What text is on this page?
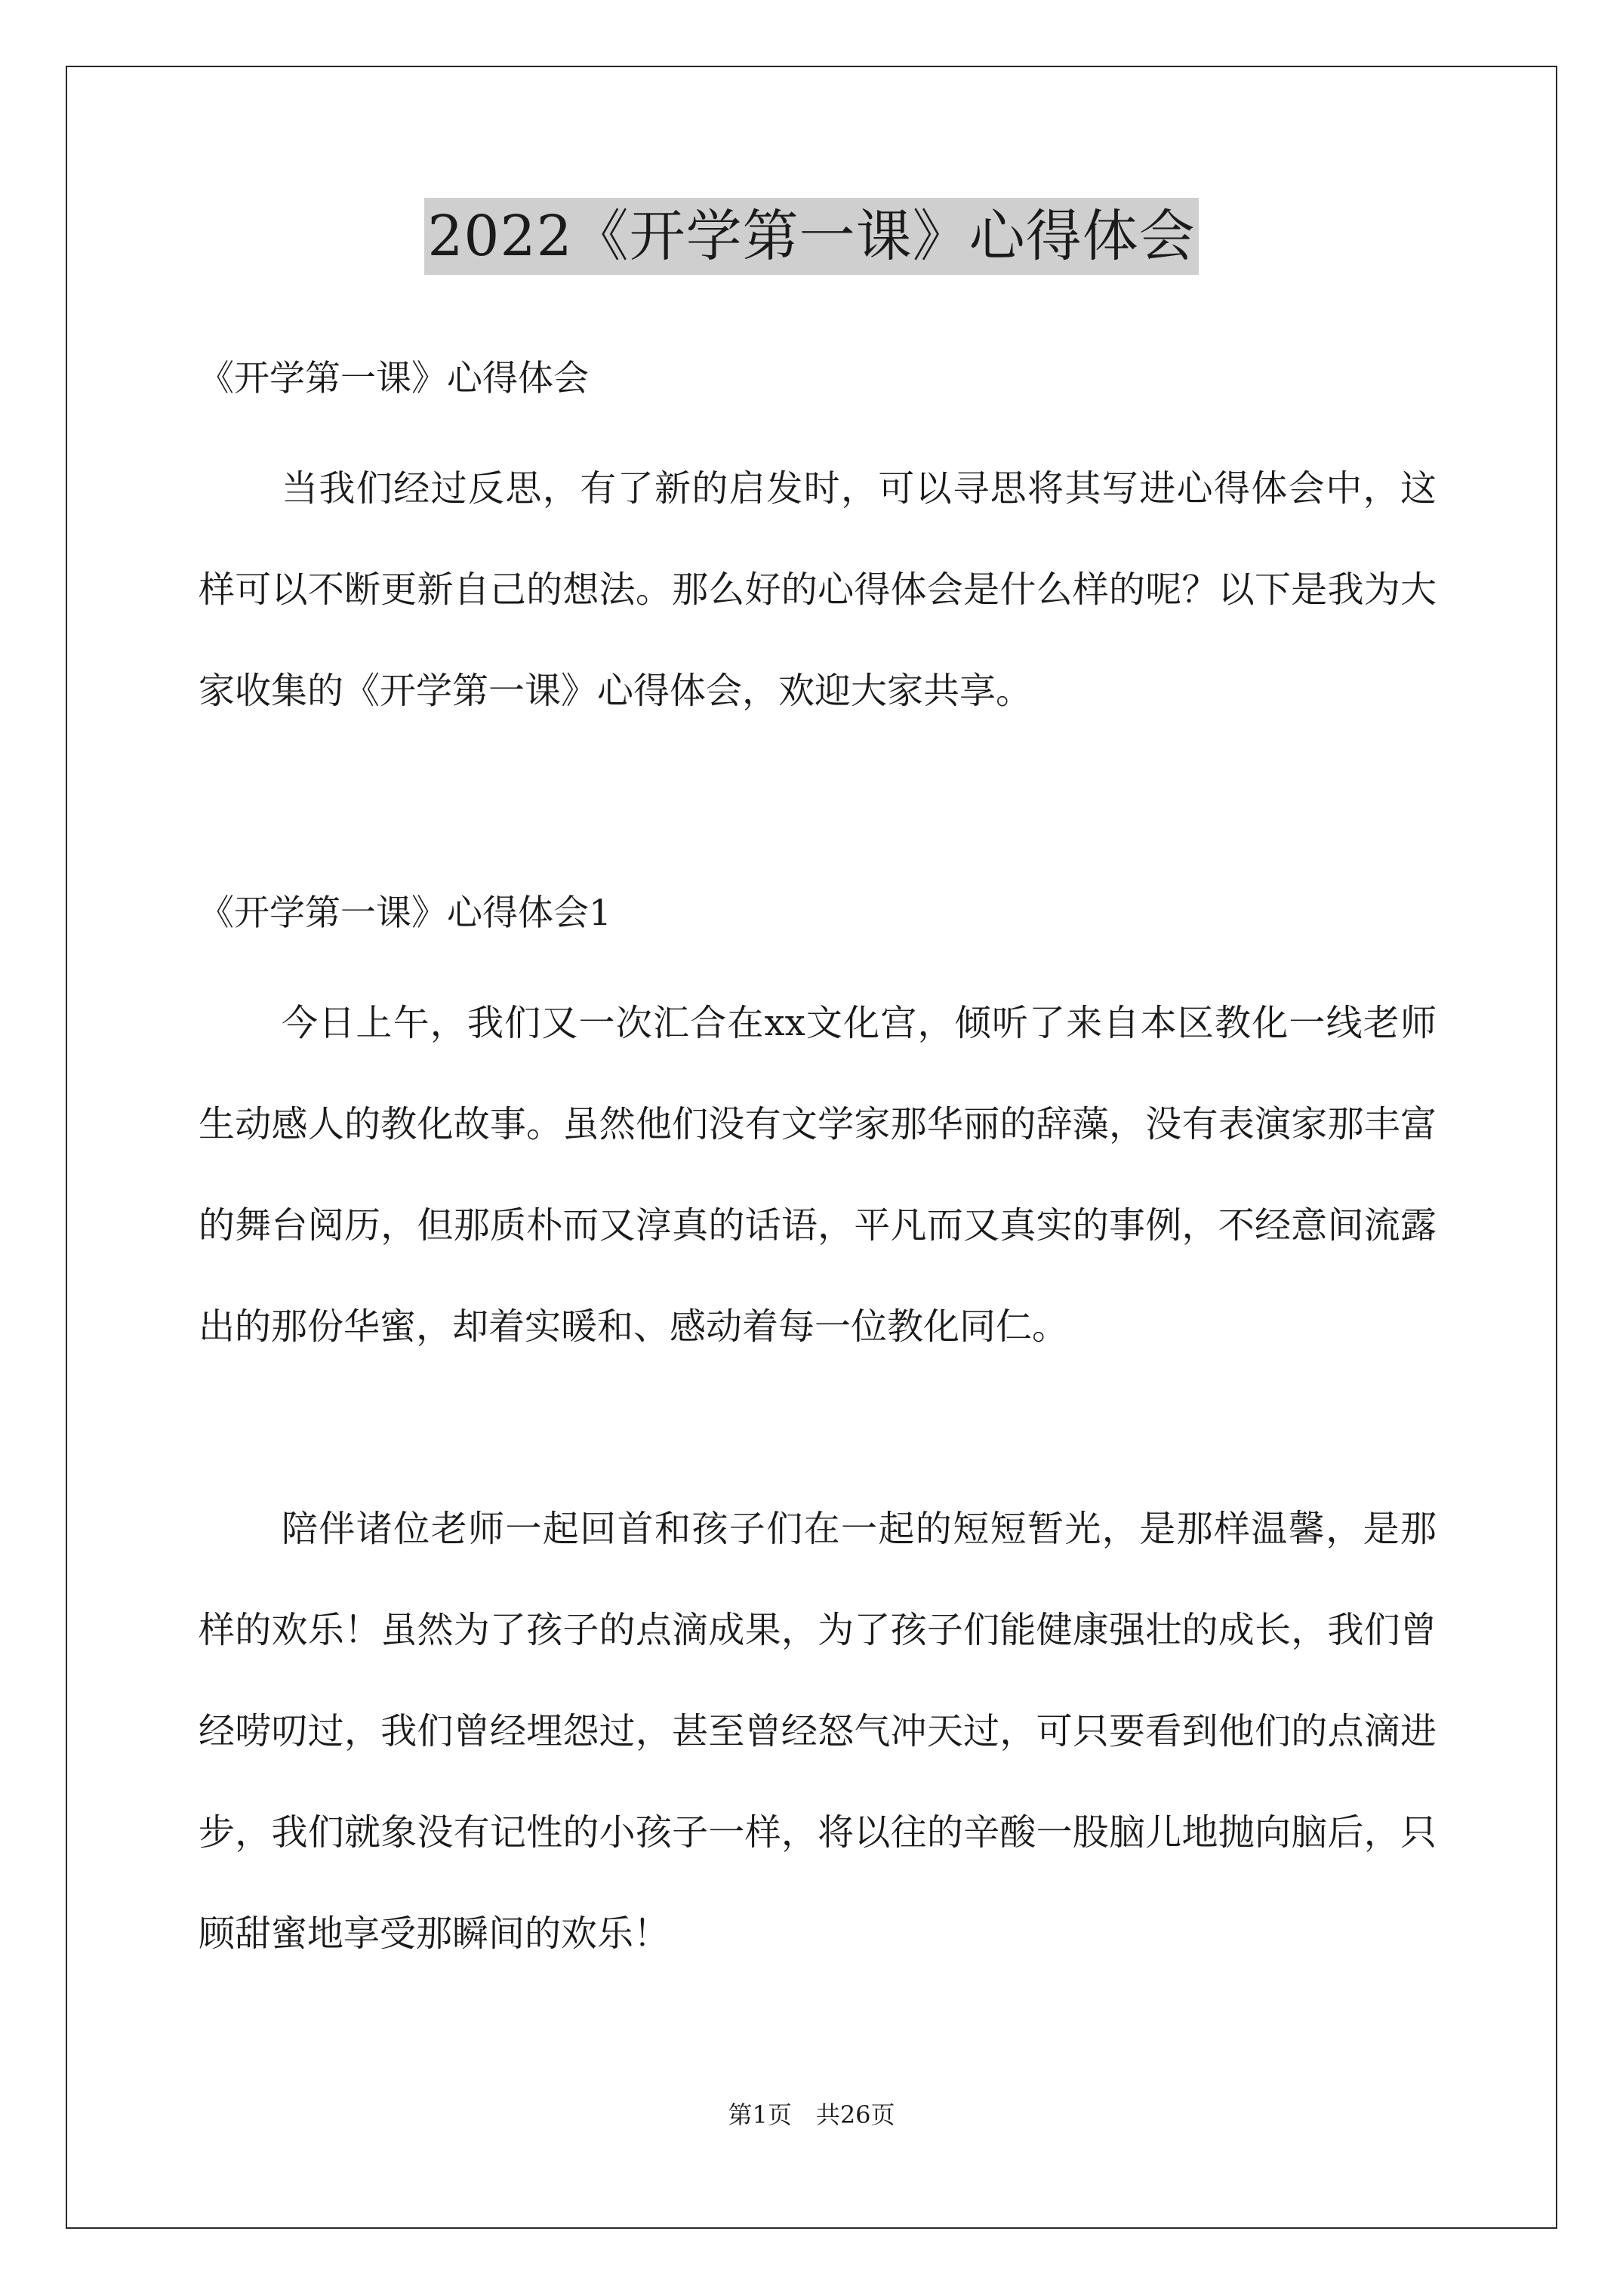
2022《开学第一课》心得体会
《开学第一课》心得体会

当我们经过反思，有了新的启发时，可以寻思将其写进心得体会中，这样可以不断更新自己的想法。那么好的心得体会是什么样的呢？以下是我为大家收集的《开学第一课》心得体会，欢迎大家共享。

《开学第一课》心得体会1

今日上午，我们又一次汇合在xx文化宫，倾听了来自本区教化一线老师生动感人的教化故事。虽然他们没有文学家那华丽的辞藻，没有表演家那丰富的舞台阅历，但那质朴而又淳真的话语，平凡而又真实的事例，不经意间流露出的那份华蜜，却着实暖和、感动着每一位教化同仁。

陪伴诸位老师一起回首和孩子们在一起的短短暂光，是那样温馨，是那样的欢乐！虽然为了孩子的点滴成果，为了孩子们能健康强壮的成长，我们曾经唠叨过，我们曾经埋怨过，甚至曾经怒气冲天过，可只要看到他们的点滴进步，我们就象没有记性的小孩子一样，将以往的辛酸一股脑儿地抛向脑后，只顾甜蜜地享受那瞬间的欢乐！

第1页　共26页
